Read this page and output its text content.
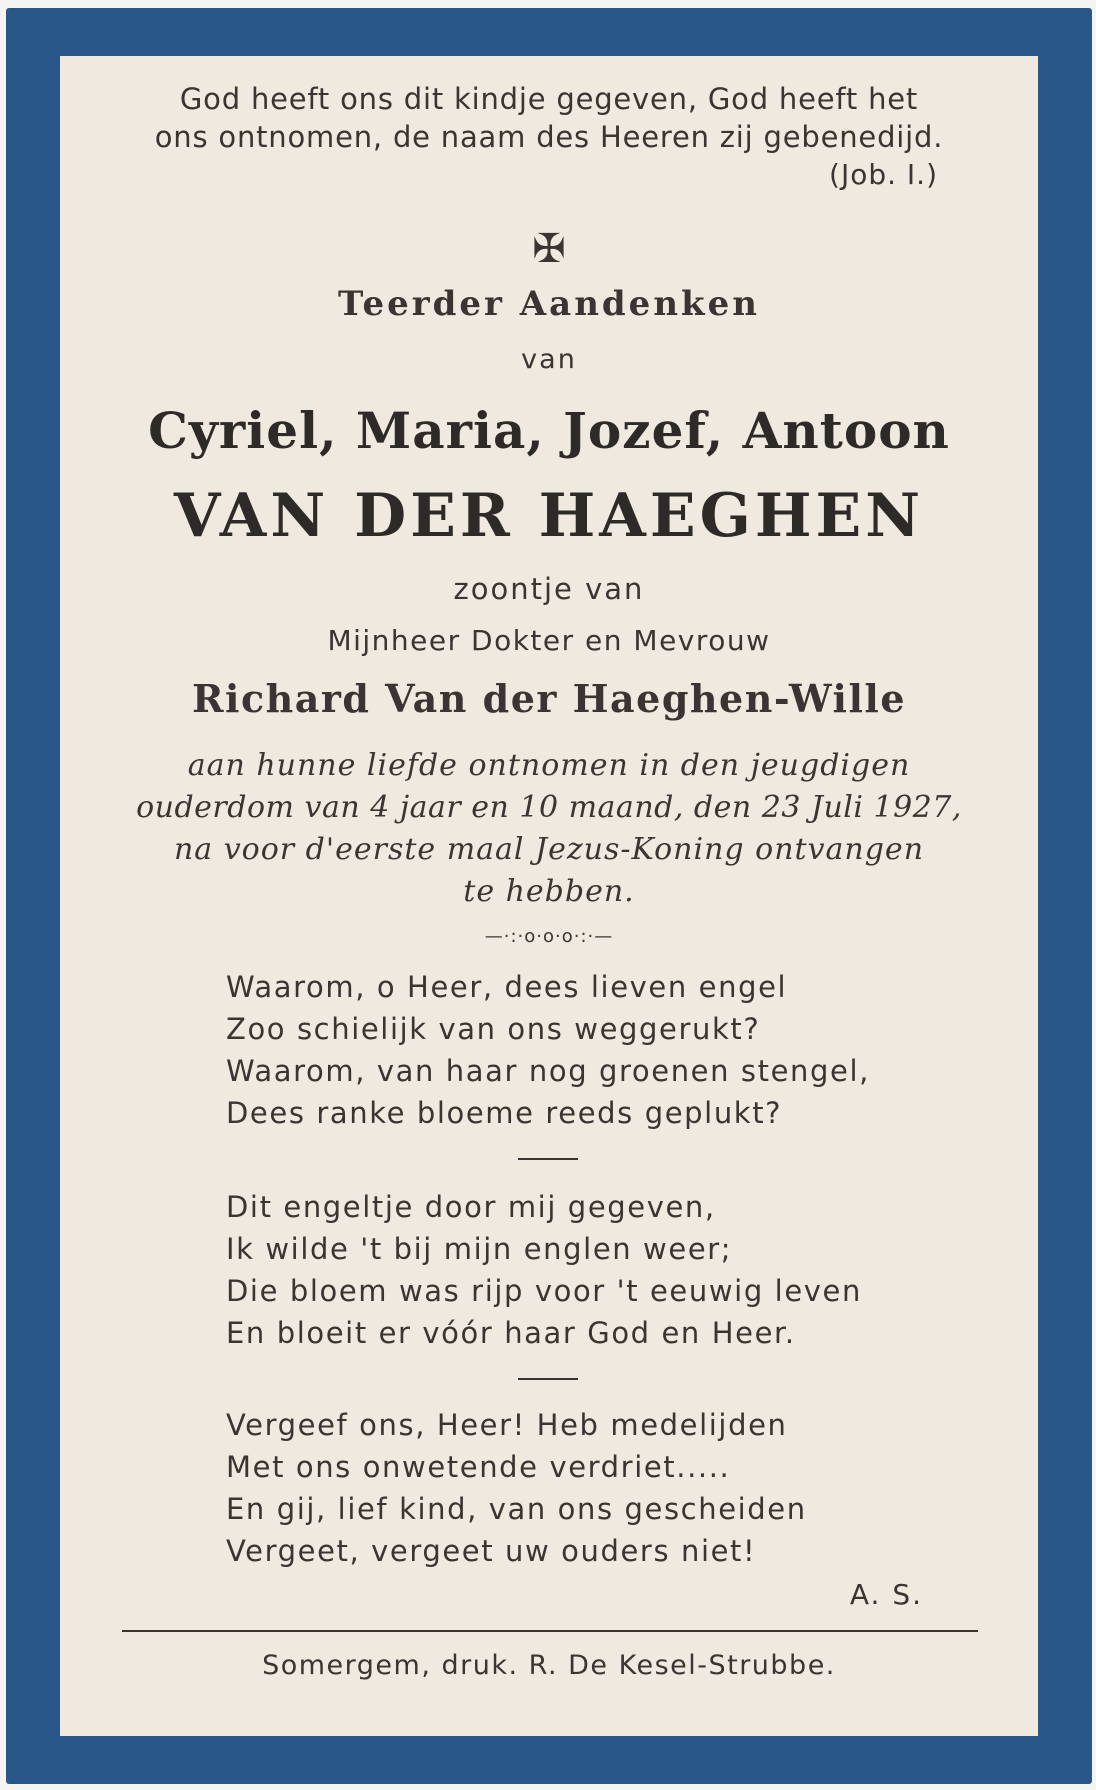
God heeft ons dit kindje gegeven, God heeft het
ons ontnomen, de naam des Heeren zij gebenedijd.
(Job. I.)
✠
Teerder Aandenken
van
Cyriel, Maria, Jozef, Antoon
VAN DER HAEGHEN
zoontje van
Mijnheer Dokter en Mevrouw
Richard Van der Haeghen-Wille
aan hunne liefde ontnomen in den jeugdigen
ouderdom van 4 jaar en 10 maand, den 23 Juli 1927,
na voor d'eerste maal Jezus-Koning ontvangen
te hebben.
—·:·o·o·o·:·—
Waarom, o Heer, dees lieven engel
Zoo schielijk van ons weggerukt?
Waarom, van haar nog groenen stengel,
Dees ranke bloeme reeds geplukt?
Dit engeltje door mij gegeven,
Ik wilde 't bij mijn englen weer;
Die bloem was rijp voor 't eeuwig leven
En bloeit er vóór haar God en Heer.
Vergeef ons, Heer! Heb medelijden
Met ons onwetende verdriet.....
En gij, lief kind, van ons gescheiden
Vergeet, vergeet uw ouders niet!
A. S.
Somergem, druk. R. De Kesel-Strubbe.
